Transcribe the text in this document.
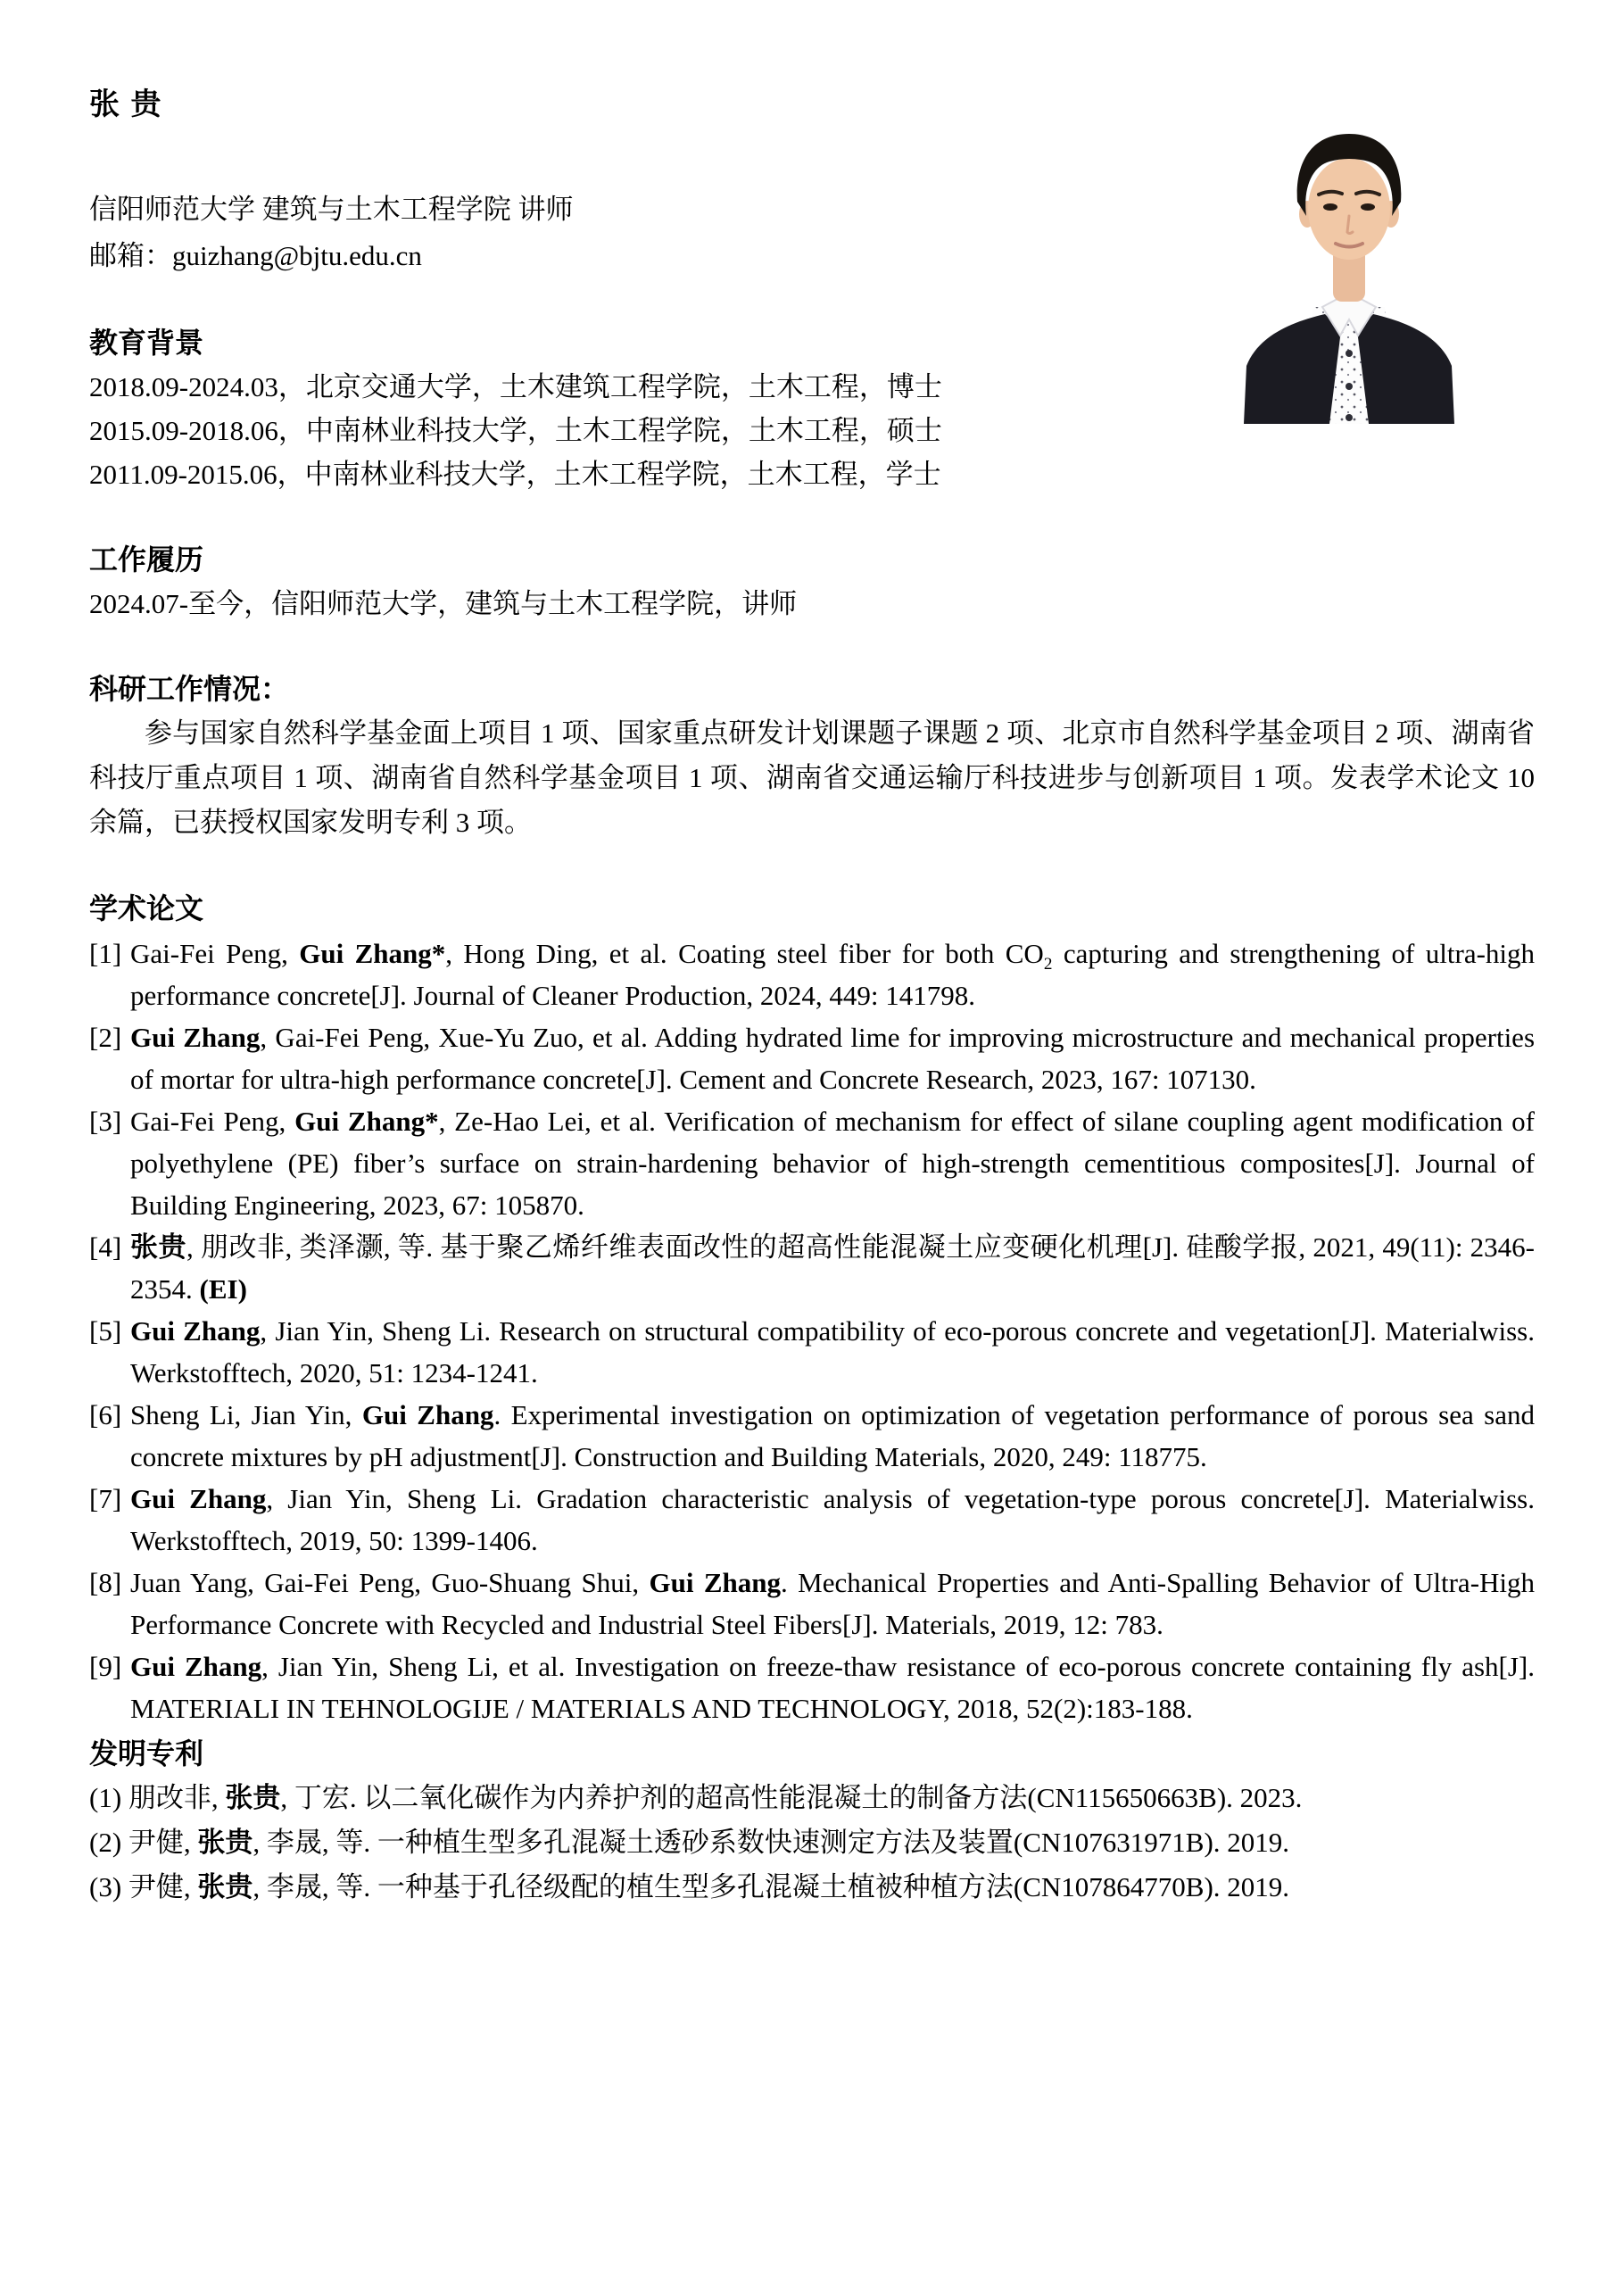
张 贵
信阳师范大学 建筑与土木工程学院 讲师
邮箱：guizhang@bjtu.edu.cn
教育背景
2018.09-2024.03，北京交通大学，土木建筑工程学院，土木工程，博士
2015.09-2018.06，中南林业科技大学，土木工程学院，土木工程，硕士
2011.09-2015.06，中南林业科技大学，土木工程学院，土木工程，学士
工作履历
2024.07-至今，信阳师范大学，建筑与土木工程学院，讲师
科研工作情况：
参与国家自然科学基金面上项目 1 项、国家重点研发计划课题子课题 2 项、北京市自然科学基金项目 2 项、湖南省科技厅重点项目 1 项、湖南省自然科学基金项目 1 项、湖南省交通运输厅科技进步与创新项目 1 项。发表学术论文 10 余篇，已获授权国家发明专利 3 项。
学术论文
[1] Gai-Fei Peng, Gui Zhang*, Hong Ding, et al. Coating steel fiber for both $CO_2$ capturing and strengthening of ultra-high performance concrete[J]. Journal of Cleaner Production, 2024, 449: 141798.
[2] Gui Zhang, Gai-Fei Peng, Xue-Yu Zuo, et al. Adding hydrated lime for improving microstructure and mechanical properties of mortar for ultra-high performance concrete[J]. Cement and Concrete Research, 2023, 167: 107130.
[3] Gai-Fei Peng, Gui Zhang*, Ze-Hao Lei, et al. Verification of mechanism for effect of silane coupling agent modification of polyethylene (PE) fiber’s surface on strain-hardening behavior of high-strength cementitious composites[J]. Journal of Building Engineering, 2023, 67: 105870.
[4] 张贵, 朋改非, 类泽灏, 等. 基于聚乙烯纤维表面改性的超高性能混凝土应变硬化机理[J]. 硅酸学报, 2021, 49(11): 2346-2354. (EI)
[5] Gui Zhang, Jian Yin, Sheng Li. Research on structural compatibility of eco-porous concrete and vegetation[J]. Materialwiss. Werkstofftech, 2020, 51: 1234-1241.
[6] Sheng Li, Jian Yin, Gui Zhang. Experimental investigation on optimization of vegetation performance of porous sea sand concrete mixtures by pH adjustment[J]. Construction and Building Materials, 2020, 249: 118775.
[7] Gui Zhang, Jian Yin, Sheng Li. Gradation characteristic analysis of vegetation-type porous concrete[J]. Materialwiss. Werkstofftech, 2019, 50: 1399-1406.
[8] Juan Yang, Gai-Fei Peng, Guo-Shuang Shui, Gui Zhang. Mechanical Properties and Anti-Spalling Behavior of Ultra-High Performance Concrete with Recycled and Industrial Steel Fibers[J]. Materials, 2019, 12: 783.
[9] Gui Zhang, Jian Yin, Sheng Li, et al. Investigation on freeze-thaw resistance of eco-porous concrete containing fly ash[J]. MATERIALI IN TEHNOLOGIJE / MATERIALS AND TECHNOLOGY, 2018, 52(2):183-188.
发明专利
(1) 朋改非, 张贵, 丁宏. 以二氧化碳作为内养护剂的超高性能混凝土的制备方法(CN115650663B). 2023.
(2) 尹健, 张贵, 李晟, 等. 一种植生型多孔混凝土透砂系数快速测定方法及装置(CN107631971B). 2019.
(3) 尹健, 张贵, 李晟, 等. 一种基于孔径级配的植生型多孔混凝土植被种植方法(CN107864770B). 2019.
